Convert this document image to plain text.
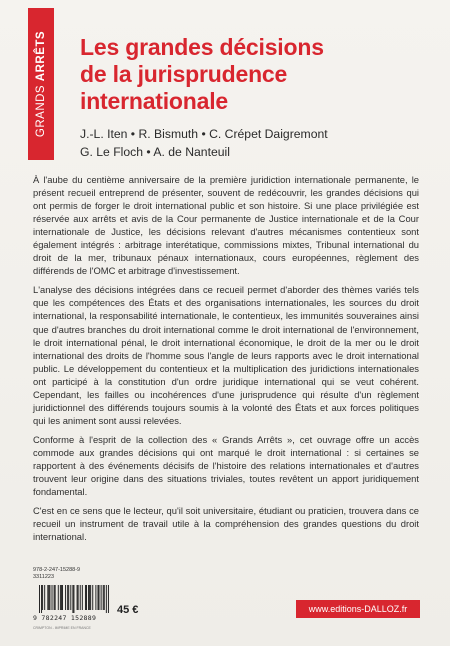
GRANDS ARRÊTS Les grandes décisions
de la jurisprudence
internationale
J.-L. Iten • R. Bismuth • C. Crépet Daigremont
G. Le Floch • A. de Nanteuil

À l'aube du centième anniversaire de la première juridiction internationale permanente, le présent recueil entreprend de présenter, souvent de redécouvrir, les grandes décisions qui ont permis de forger le droit international public et son histoire. Si une place privilégiée est réservée aux arrêts et avis de la Cour permanente de Justice internationale et de la Cour internationale de Justice, les décisions relevant d'autres mécanismes contentieux sont également intégrés : arbitrage interétatique, commissions mixtes, Tribunal international du droit de la mer, tribunaux pénaux internationaux, cours européennes, règlement des différends de l'OMC et arbitrage d'investissement.

L'analyse des décisions intégrées dans ce recueil permet d'aborder des thèmes variés tels que les compétences des États et des organisations internationales, les sources du droit international, la responsabilité internationale, le contentieux, les immunités souveraines ainsi que d'autres branches du droit international comme le droit international de l'environnement, le droit international pénal, le droit international économique, le droit de la mer ou le droit international des droits de l'homme sous l'angle de leurs rapports avec le droit international public. Le développement du contentieux et la multiplication des juridictions internationales ont participé à la constitution d'un ordre juridique international qui se veut cohérent. Cependant, les failles ou incohérences d'une jurisprudence qui résulte d'un règlement juridictionnel des différends toujours soumis à la volonté des États et aux forces politiques qui les animent sont aussi relevées.

Conforme à l'esprit de la collection des « Grands Arrêts », cet ouvrage offre un accès commode aux grandes décisions qui ont marqué le droit international : si certaines se rapportent à des événements décisifs de l'histoire des relations internationales et d'autres trouvent leur origine dans des situations triviales, toutes revêtent un apport juridiquement fondamental.

C'est en ce sens que le lecteur, qu'il soit universitaire, étudiant ou praticien, trouvera dans ce recueil un instrument de travail utile à la compréhension des grandes questions du droit international.

978-2-247-15288-9
3311223
9 782247 152889
45 €
CRIMPTON - IMPRIME EN FRANCE
www.editions-DALLOZ.fr
